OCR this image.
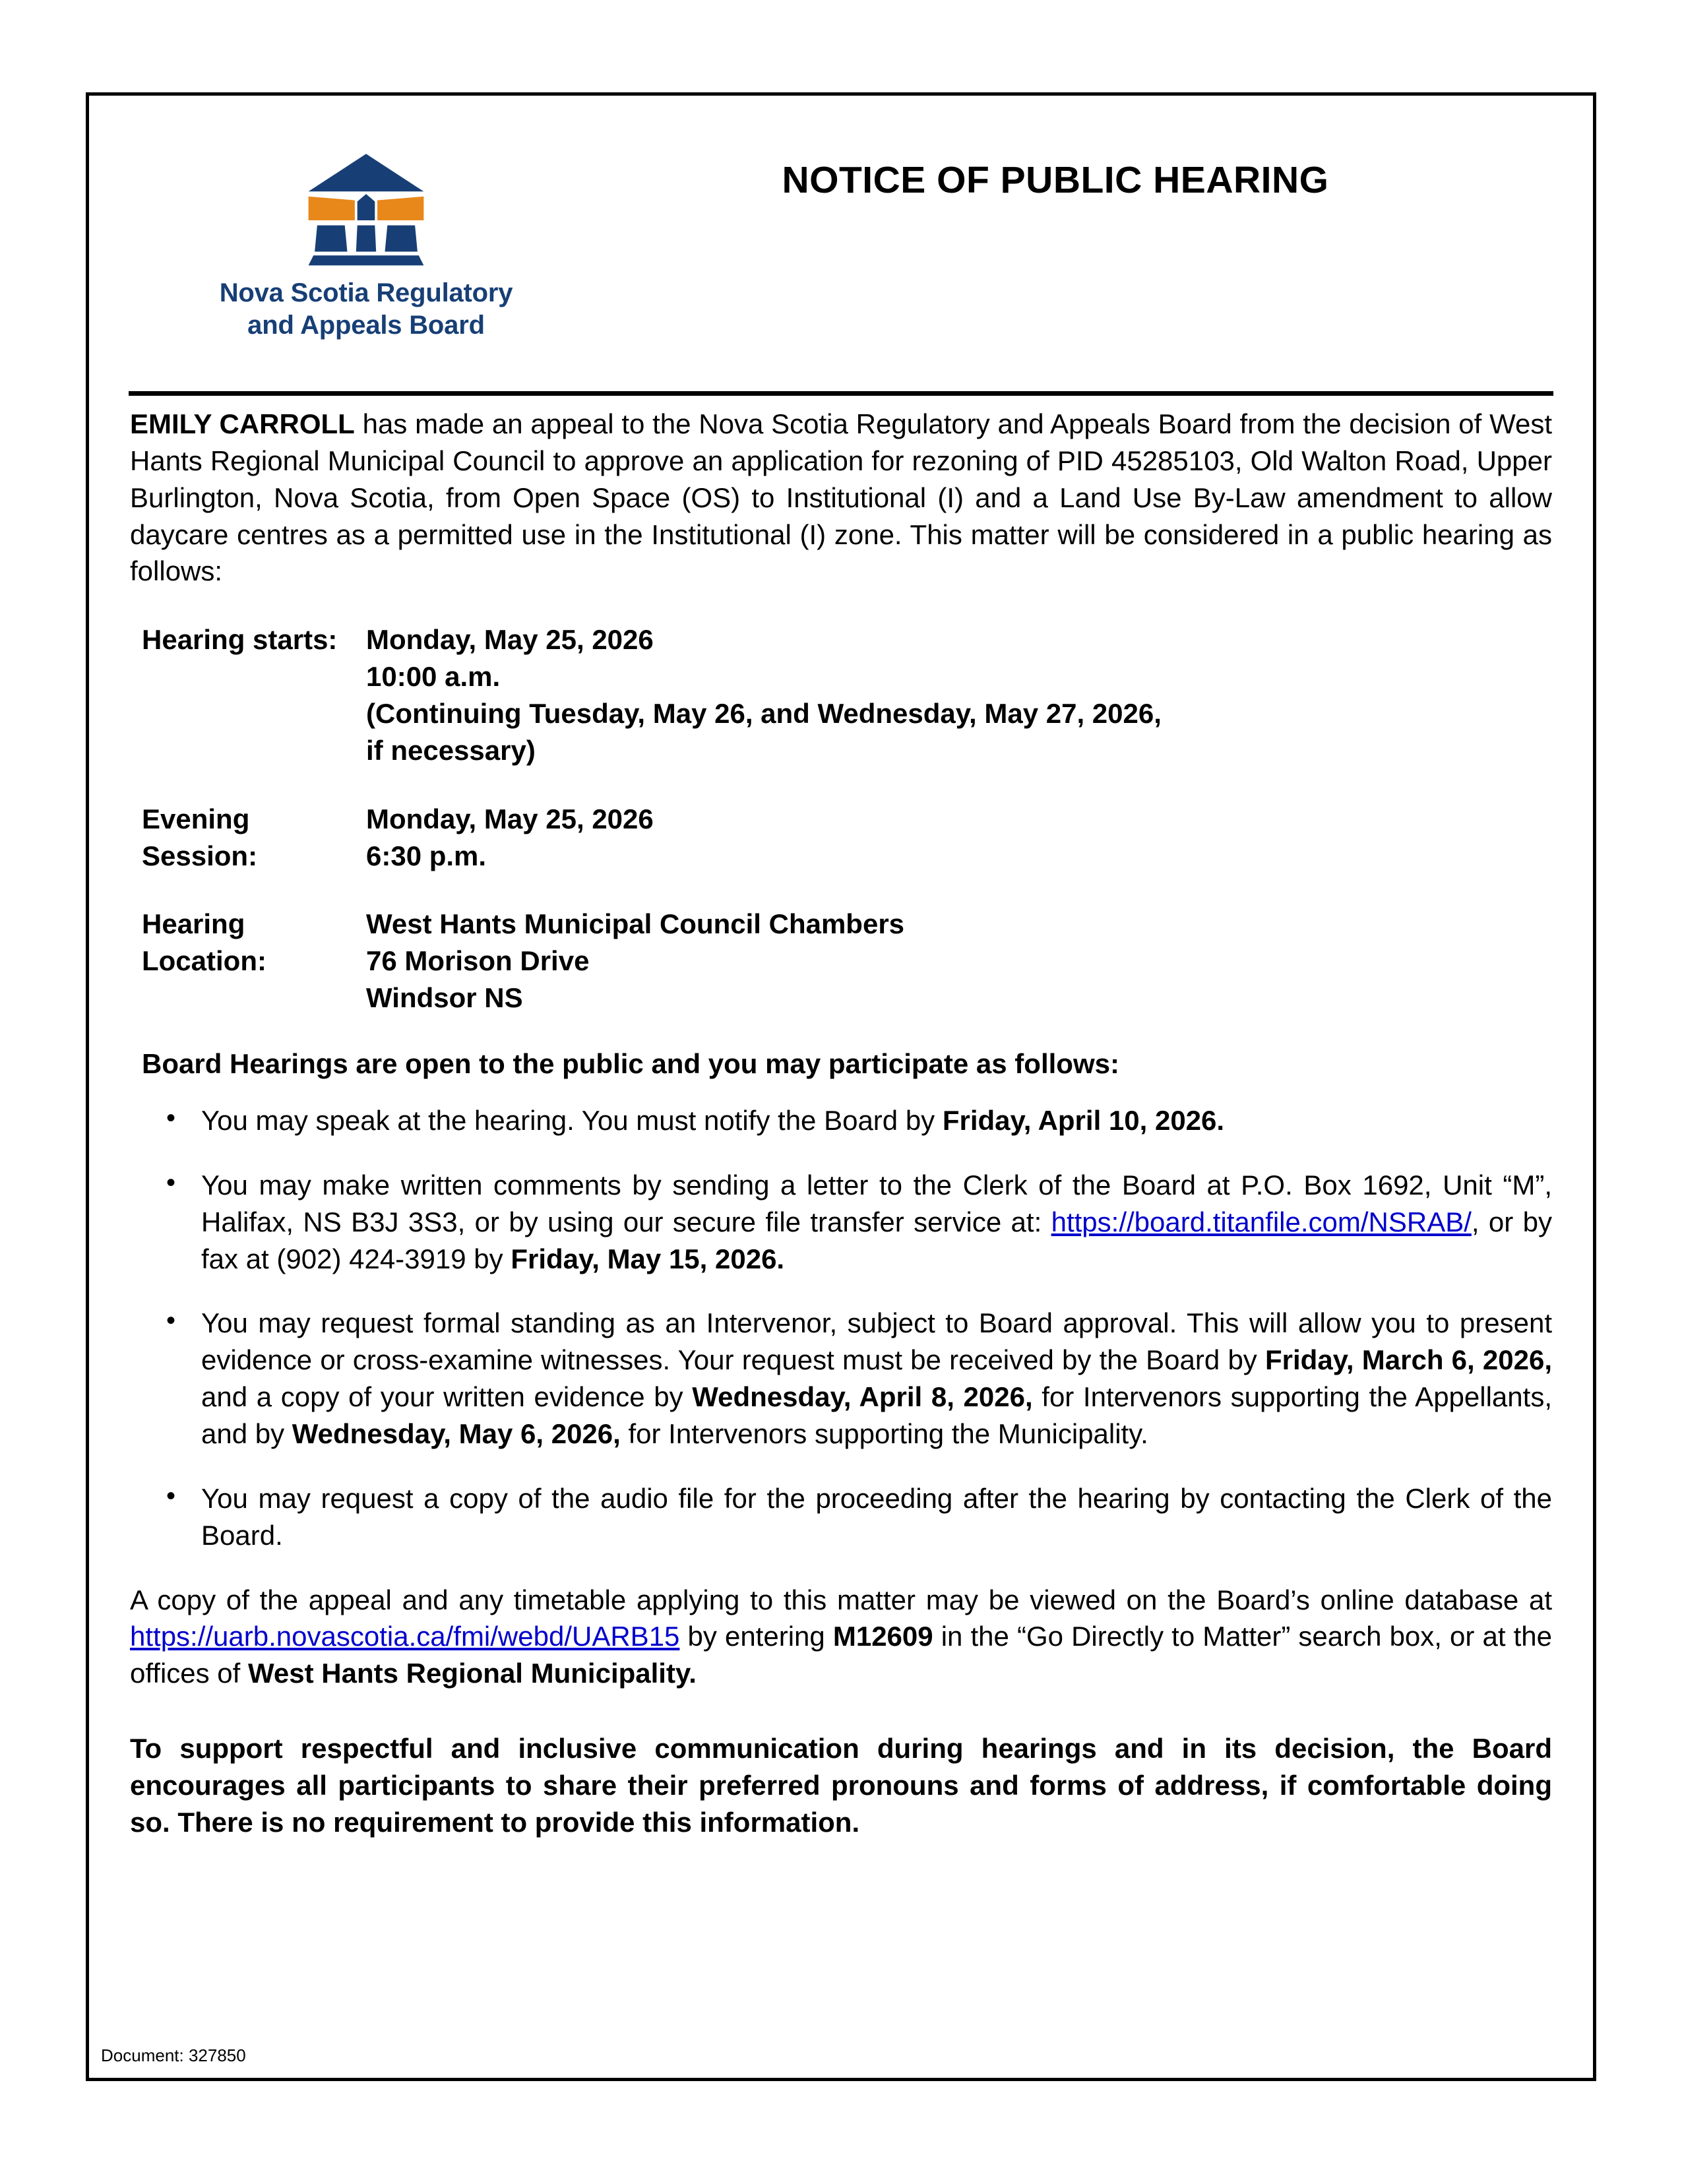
Nova Scotia Regulatory
and Appeals Board
NOTICE OF PUBLIC HEARING

EMILY CARROLL has made an appeal to the Nova Scotia Regulatory and Appeals Board from the decision of West Hants Regional Municipal Council to approve an application for rezoning of PID 45285103, Old Walton Road, Upper Burlington, Nova Scotia, from Open Space (OS) to Institutional (I) and a Land Use By-Law amendment to allow daycare centres as a permitted use in the Institutional (I) zone. This matter will be considered in a public hearing as follows:

Hearing starts:	Monday, May 25, 2026
10:00 a.m.
(Continuing Tuesday, May 26, and Wednesday, May 27, 2026,
if necessary)
Evening Session:
Monday, May 25, 2026
6:30 p.m.
Hearing Location:
West Hants Municipal Council Chambers
76 Morison Drive
Windsor NS
Board Hearings are open to the public and you may participate as follows:
• You may speak at the hearing. You must notify the Board by Friday, April 10, 2026.
• You may make written comments by sending a letter to the Clerk of the Board at P.O. Box 1692, Unit “M”, Halifax, NS B3J 3S3, or by using our secure file transfer service at: https://board.titanfile.com/NSRAB/, or by fax at (902) 424-3919 by Friday, May 15, 2026.
• You may request formal standing as an Intervenor, subject to Board approval. This will allow you to present evidence or cross-examine witnesses. Your request must be received by the Board by Friday, March 6, 2026, and a copy of your written evidence by Wednesday, April 8, 2026, for Intervenors supporting the Appellants, and by Wednesday, May 6, 2026, for Intervenors supporting the Municipality.
• You may request a copy of the audio file for the proceeding after the hearing by contacting the Clerk of the Board.

A copy of the appeal and any timetable applying to this matter may be viewed on the Board’s online database at https://uarb.novascotia.ca/fmi/webd/UARB15 by entering M12609 in the “Go Directly to Matter” search box, or at the offices of West Hants Regional Municipality.

To support respectful and inclusive communication during hearings and in its decision, the Board encourages all participants to share their preferred pronouns and forms of address, if comfortable doing so. There is no requirement to provide this information.

Document: 327850
